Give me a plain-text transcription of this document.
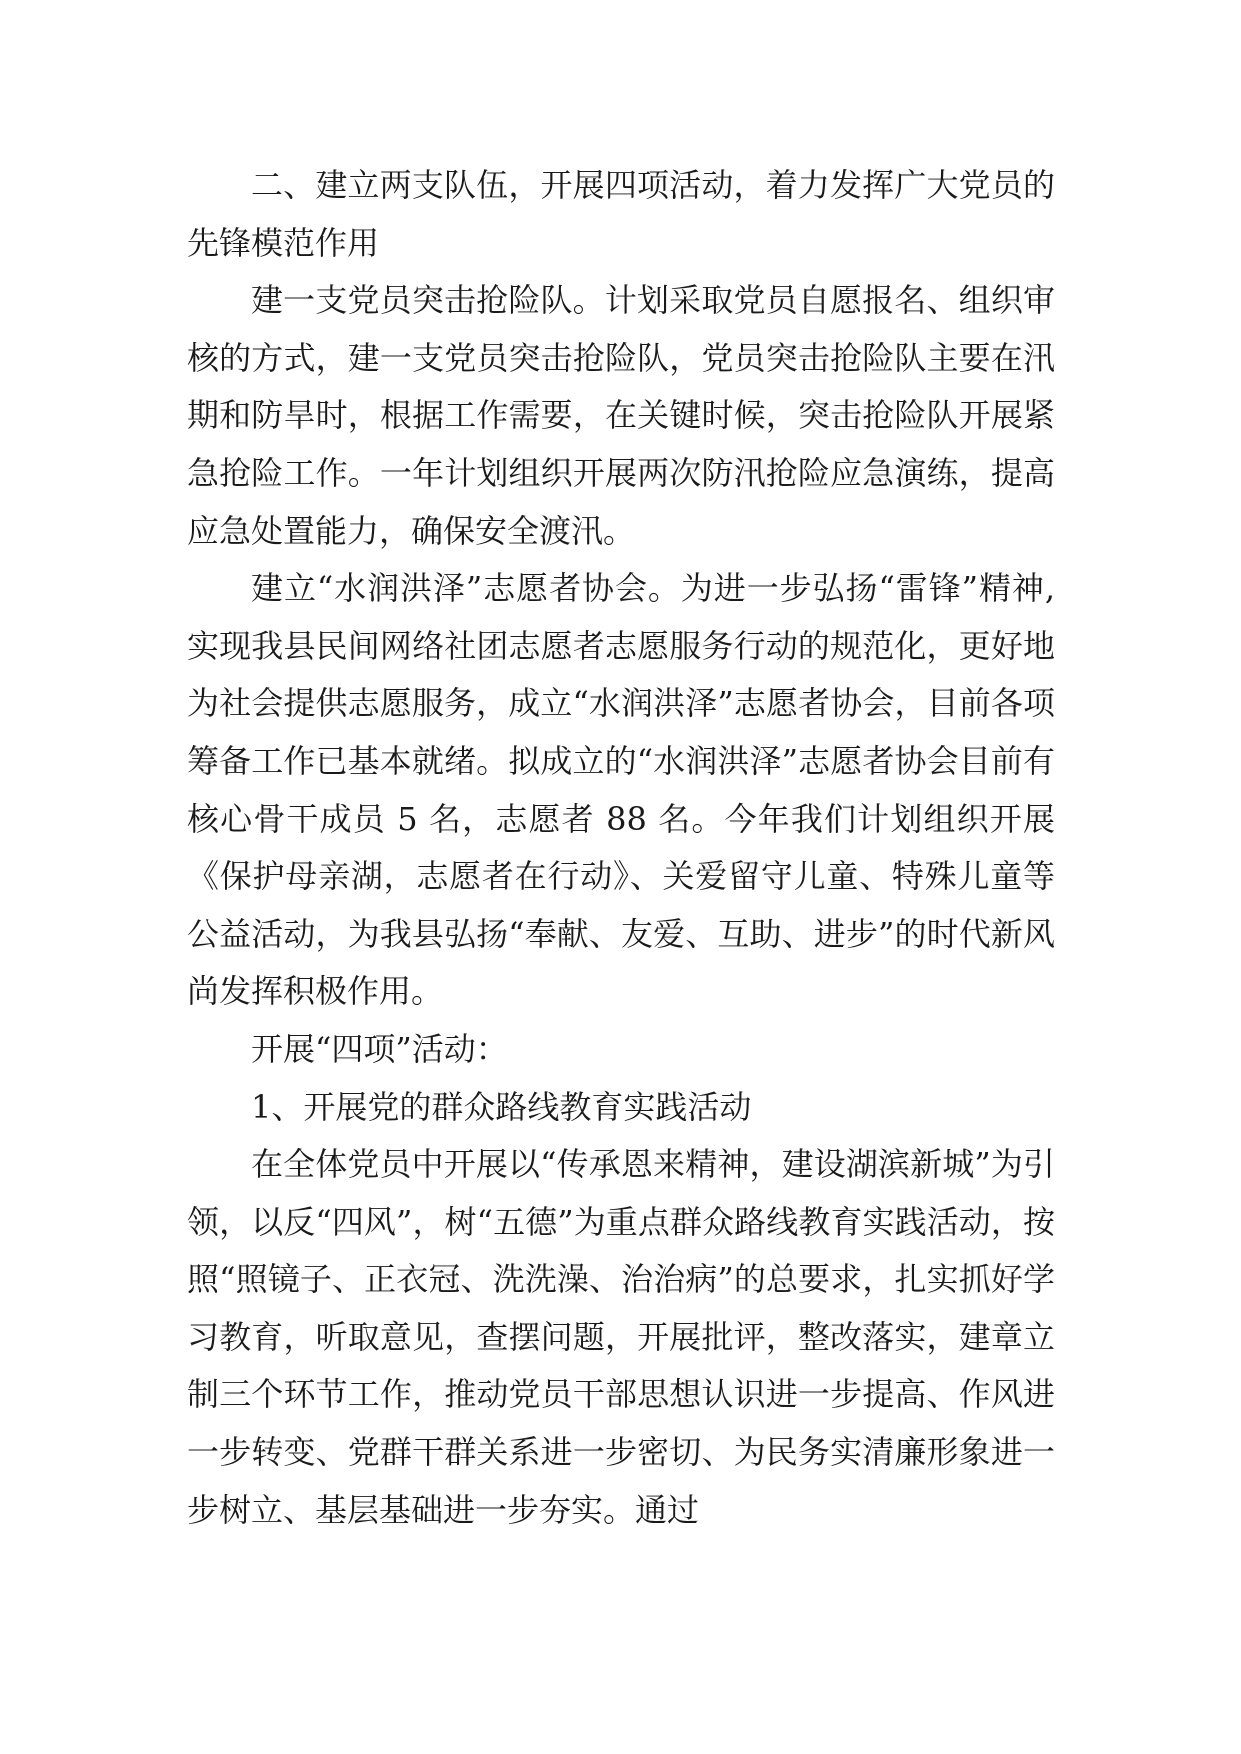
二、建立两支队伍，开展四项活动，着力发挥广大党员的先锋模范作用

建一支党员突击抢险队。计划采取党员自愿报名、组织审核的方式，建一支党员突击抢险队，党员突击抢险队主要在汛期和防旱时，根据工作需要，在关键时候，突击抢险队开展紧急抢险工作。一年计划组织开展两次防汛抢险应急演练，提高应急处置能力，确保安全渡汛。

建立“水润洪泽”志愿者协会。为进一步弘扬“雷锋”精神,实现我县民间网络社团志愿者志愿服务行动的规范化，更好地为社会提供志愿服务，成立“水润洪泽”志愿者协会，目前各项筹备工作已基本就绪。拟成立的“水润洪泽”志愿者协会目前有核心骨干成员 5 名，志愿者 88 名。今年我们计划组织开展《保护母亲湖，志愿者在行动》、关爱留守儿童、特殊儿童等公益活动，为我县弘扬“奉献、友爱、互助、进步”的时代新风尚发挥积极作用。

开展“四项”活动：

1、开展党的群众路线教育实践活动

在全体党员中开展以“传承恩来精神，建设湖滨新城”为引领，以反“四风”，树“五德”为重点群众路线教育实践活动，按照“照镜子、正衣冠、洗洗澡、治治病”的总要求，扎实抓好学习教育，听取意见，查摆问题，开展批评，整改落实，建章立制三个环节工作，推动党员干部思想认识进一步提高、作风进一步转变、党群干群关系进一步密切、为民务实清廉形象进一步树立、基层基础进一步夯实。通过
